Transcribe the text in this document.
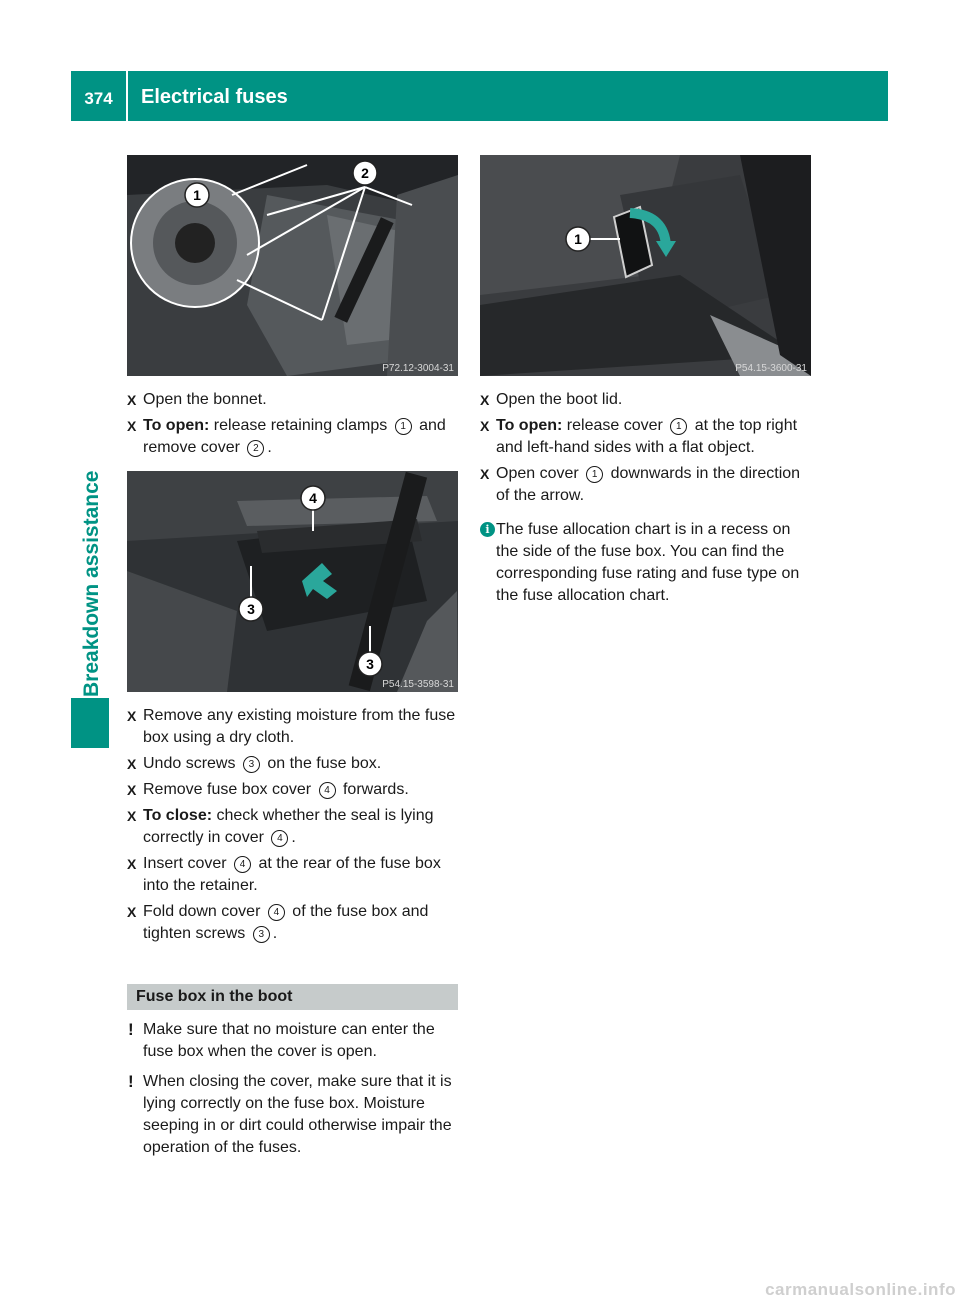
374	Electrical fuses
Breakdown assistance
1
2
P72.12-3004-31
X Open the bonnet.
X To open: release retaining clamps 1 and remove cover 2 .
4
3
3
P54.15-3598-31
X Remove any existing moisture from the fuse box using a dry cloth.
X Undo screws 3 on the fuse box.
X Remove fuse box cover 4 forwards.
X To close: check whether the seal is lying correctly in cover 4 .
X Insert cover 4 at the rear of the fuse box into the retainer.
X Fold down cover 4 of the fuse box and tighten screws 3 .
Fuse box in the boot
! Make sure that no moisture can enter the fuse box when the cover is open.
! When closing the cover, make sure that it is lying correctly on the fuse box. Moisture seeping in or dirt could otherwise impair the operation of the fuses.
1
P54.15-3600-31
X Open the boot lid.
X To open: release cover 1 at the top right and left-hand sides with a flat object.
X Open cover 1 downwards in the direction of the arrow.
i The fuse allocation chart is in a recess on the side of the fuse box. You can find the corresponding fuse rating and fuse type on the fuse allocation chart.
carmanualsonline.info
